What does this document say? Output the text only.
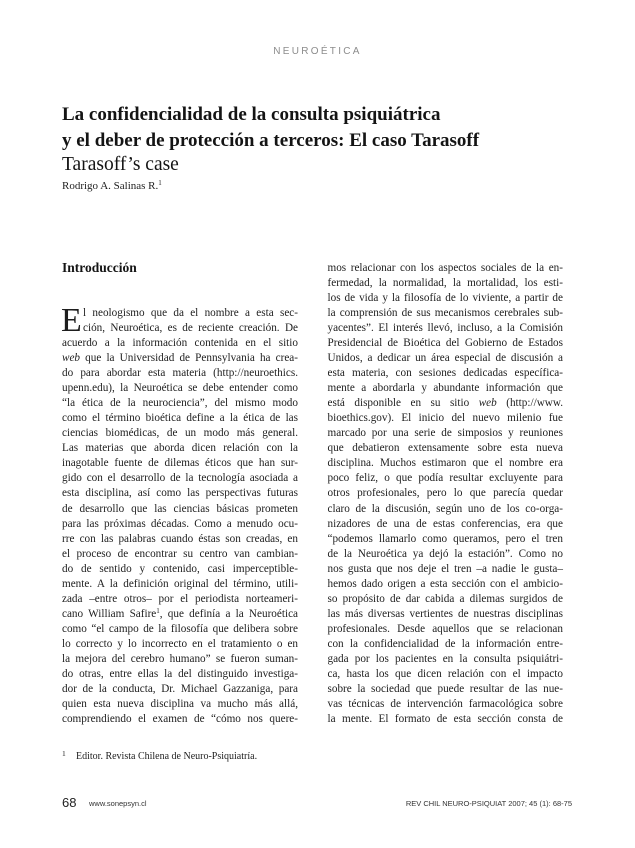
NEUROÉTICA
La confidencialidad de la consulta psiquiátrica
y el deber de protección a terceros: El caso Tarasoff
Tarasoff’s case
Rodrigo A. Salinas R.$^1$
Introducción
E l neologismo que da el nombre a esta sec-
ción, Neuroética, es de reciente creación. De
acuerdo a la información contenida en el sitio
web que la Universidad de Pennsylvania ha crea-
do para abordar esta materia (http://neuroethics.
upenn.edu), la Neuroética se debe entender como
“la ética de la neurociencia”, del mismo modo
como el término bioética define a la ética de las
ciencias biomédicas, de un modo más general.
Las materias que aborda dicen relación con la
inagotable fuente de dilemas éticos que han sur-
gido con el desarrollo de la tecnología asociada a
esta disciplina, así como las perspectivas futuras
de desarrollo que las ciencias básicas prometen
para las próximas décadas. Como a menudo ocu-
rre con las palabras cuando éstas son creadas, en
el proceso de encontrar su centro van cambian-
do de sentido y contenido, casi imperceptible-
mente. A la definición original del término, utili-
zada –entre otros– por el periodista norteameri-
cano William Safire$^1$, que definía a la Neuroética
como “el campo de la filosofía que delibera sobre
lo correcto y lo incorrecto en el tratamiento o en
la mejora del cerebro humano” se fueron suman-
do otras, entre ellas la del distinguido investiga-
dor de la conducta, Dr. Michael Gazzaniga, para
quien esta nueva disciplina va mucho más allá,
comprendiendo el examen de “cómo nos quere-
mos relacionar con los aspectos sociales de la en-
fermedad, la normalidad, la mortalidad, los esti-
los de vida y la filosofía de lo viviente, a partir de
la comprensión de sus mecanismos cerebrales sub-
yacentes”. El interés llevó, incluso, a la Comisión
Presidencial de Bioética del Gobierno de Estados
Unidos, a dedicar un área especial de discusión a
esta materia, con sesiones dedicadas específica-
mente a abordarla y abundante información que
está disponible en su sitio web (http://www.
bioethics.gov). El inicio del nuevo milenio fue
marcado por una serie de simposios y reuniones
que debatieron extensamente sobre esta nueva
disciplina. Muchos estimaron que el nombre era
poco feliz, o que podía resultar excluyente para
otros profesionales, pero lo que parecía quedar
claro de la discusión, según uno de los co-orga-
nizadores de una de estas conferencias, era que
“podemos llamarlo como queramos, pero el tren
de la Neuroética ya dejó la estación”. Como no
nos gusta que nos deje el tren –a nadie le gusta–
hemos dado origen a esta sección con el ambicio-
so propósito de dar cabida a dilemas surgidos de
las más diversas vertientes de nuestras disciplinas
profesionales. Desde aquellos que se relacionan
con la confidencialidad de la información entre-
gada por los pacientes en la consulta psiquiátri-
ca, hasta los que dicen relación con el impacto
sobre la sociedad que puede resultar de las nue-
vas técnicas de intervención farmacológica sobre
la mente. El formato de esta sección consta de
1 Editor. Revista Chilena de Neuro-Psiquiatría.
68 www.sonepsyn.cl	REV CHIL NEURO-PSIQUIAT 2007; 45 (1): 68-75
